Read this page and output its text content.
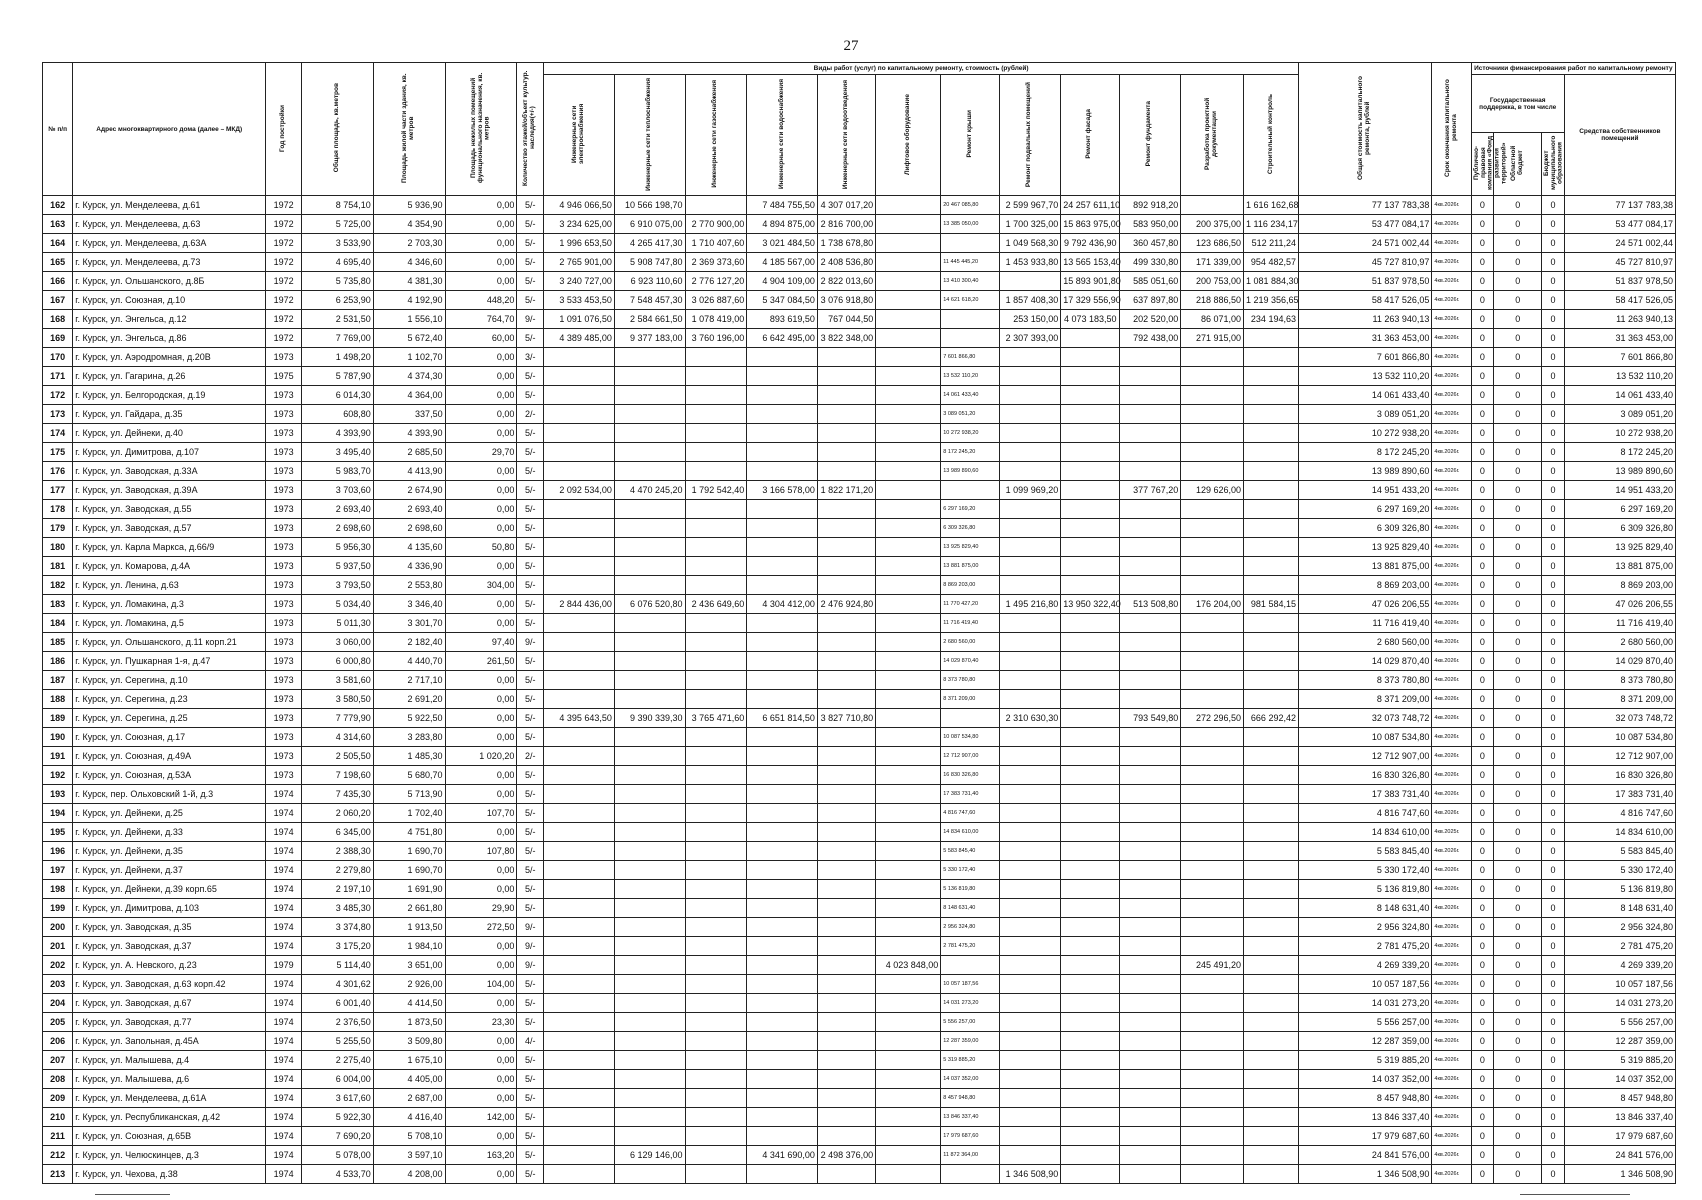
27
№ п/п	Адрес многоквартирного дома (далее – МКД)	Год постройки	Общая площадь, кв.метров	Площадь жилой части здания, кв. метров	Площадь нежилых помещений функционального назначения, кв. метров	Количество этажей/объект культур. наследия(+/-)	Виды работ (услуг) по капитальному ремонту, стоимость (рублей)												Общая стоимость капитального ремонта, рублей	Срок окончания капитального ремонта	Источники финансирования работ по капитальному ремонту			
							Инженерные сети электроснабжения	Инженерные сети теплоснабжения	Инженерные сети газоснабжения	Инженерные сети водоснабжения	Инженерные сети водоотведения	Лифтовое оборудование	Ремонт крыши	Ремонт подвальных помещений	Ремонт фасада	Ремонт фундамента	Разработка проектной документации	Строительный контроль			Государственная поддержка, в том числе			Средства собственников помещений
																					Публично-правовая компания «Фонд развития территорий»	Областной бюджет	Бюджет муниципального образования	
162	г. Курск, ул. Менделеева, д.61	1972	8 754,10	5 936,90	0,00	5/-	4 946 066,50	10 566 198,70		7 484 755,50	4 307 017,20		20 467 085,80	2 599 967,70	24 257 611,10	892 918,20		1 616 162,68	77 137 783,38	4кв.2026г.	0	0	0	77 137 783,38
163	г. Курск, ул. Менделеева, д.63	1972	5 725,00	4 354,90	0,00	5/-	3 234 625,00	6 910 075,00	2 770 900,00	4 894 875,00	2 816 700,00		13 385 050,00	1 700 325,00	15 863 975,00	583 950,00	200 375,00	1 116 234,17	53 477 084,17	4кв.2026г.	0	0	0	53 477 084,17
164	г. Курск, ул. Менделеева, д.63А	1972	3 533,90	2 703,30	0,00	5/-	1 996 653,50	4 265 417,30	1 710 407,60	3 021 484,50	1 738 678,80			1 049 568,30	9 792 436,90	360 457,80	123 686,50	512 211,24	24 571 002,44	4кв.2026г.	0	0	0	24 571 002,44
165	г. Курск, ул. Менделеева, д.73	1972	4 695,40	4 346,60	0,00	5/-	2 765 901,00	5 908 747,80	2 369 373,60	4 185 567,00	2 408 536,80		11 445 445,20	1 453 933,80	13 565 153,40	499 330,80	171 339,00	954 482,57	45 727 810,97	4кв.2026г.	0	0	0	45 727 810,97
166	г. Курск, ул. Ольшанского, д.8Б	1972	5 735,80	4 381,30	0,00	5/-	3 240 727,00	6 923 110,60	2 776 127,20	4 904 109,00	2 822 013,60		13 410 300,40		15 893 901,80	585 051,60	200 753,00	1 081 884,30	51 837 978,50	4кв.2026г.	0	0	0	51 837 978,50
167	г. Курск, ул. Союзная, д.10	1972	6 253,90	4 192,90	448,20	5/-	3 533 453,50	7 548 457,30	3 026 887,60	5 347 084,50	3 076 918,80		14 621 618,20	1 857 408,30	17 329 556,90	637 897,80	218 886,50	1 219 356,65	58 417 526,05	4кв.2026г.	0	0	0	58 417 526,05
168	г. Курск, ул. Энгельса, д.12	1972	2 531,50	1 556,10	764,70	9/-	1 091 076,50	2 584 661,50	1 078 419,00	893 619,50	767 044,50			253 150,00	4 073 183,50	202 520,00	86 071,00	234 194,63	11 263 940,13	4кв.2026г.	0	0	0	11 263 940,13
169	г. Курск, ул. Энгельса, д.86	1972	7 769,00	5 672,40	60,00	5/-	4 389 485,00	9 377 183,00	3 760 196,00	6 642 495,00	3 822 348,00			2 307 393,00		792 438,00	271 915,00		31 363 453,00	4кв.2026г.	0	0	0	31 363 453,00
170	г. Курск, ул. Аэродромная, д.20В	1973	1 498,20	1 102,70	0,00	3/-							7 601 866,80						7 601 866,80	4кв.2026г.	0	0	0	7 601 866,80
171	г. Курск, ул. Гагарина, д.26	1975	5 787,90	4 374,30	0,00	5/-							13 532 110,20						13 532 110,20	4кв.2026г.	0	0	0	13 532 110,20
172	г. Курск, ул. Белгородская, д.19	1973	6 014,30	4 364,00	0,00	5/-							14 061 433,40						14 061 433,40	4кв.2026г.	0	0	0	14 061 433,40
173	г. Курск, ул. Гайдара, д.35	1973	608,80	337,50	0,00	2/-							3 089 051,20						3 089 051,20	4кв.2026г.	0	0	0	3 089 051,20
174	г. Курск, ул. Дейнеки, д.40	1973	4 393,90	4 393,90	0,00	5/-							10 272 938,20						10 272 938,20	4кв.2026г.	0	0	0	10 272 938,20
175	г. Курск, ул. Димитрова, д.107	1973	3 495,40	2 685,50	29,70	5/-							8 172 245,20						8 172 245,20	4кв.2026г.	0	0	0	8 172 245,20
176	г. Курск, ул. Заводская, д.33А	1973	5 983,70	4 413,90	0,00	5/-							13 989 890,60						13 989 890,60	4кв.2026г.	0	0	0	13 989 890,60
177	г. Курск, ул. Заводская, д.39А	1973	3 703,60	2 674,90	0,00	5/-	2 092 534,00	4 470 245,20	1 792 542,40	3 166 578,00	1 822 171,20			1 099 969,20		377 767,20	129 626,00		14 951 433,20	4кв.2026г.	0	0	0	14 951 433,20
178	г. Курск, ул. Заводская, д.55	1973	2 693,40	2 693,40	0,00	5/-							6 297 169,20						6 297 169,20	4кв.2026г.	0	0	0	6 297 169,20
179	г. Курск, ул. Заводская, д.57	1973	2 698,60	2 698,60	0,00	5/-							6 309 326,80						6 309 326,80	4кв.2026г.	0	0	0	6 309 326,80
180	г. Курск, ул. Карла Маркса, д.66/9	1973	5 956,30	4 135,60	50,80	5/-							13 925 829,40						13 925 829,40	4кв.2026г.	0	0	0	13 925 829,40
181	г. Курск, ул. Комарова, д.4А	1973	5 937,50	4 336,90	0,00	5/-							13 881 875,00						13 881 875,00	4кв.2026г.	0	0	0	13 881 875,00
182	г. Курск, ул. Ленина, д.63	1973	3 793,50	2 553,80	304,00	5/-							8 869 203,00						8 869 203,00	4кв.2026г.	0	0	0	8 869 203,00
183	г. Курск, ул. Ломакина, д.3	1973	5 034,40	3 346,40	0,00	5/-	2 844 436,00	6 076 520,80	2 436 649,60	4 304 412,00	2 476 924,80		11 770 427,20	1 495 216,80	13 950 322,40	513 508,80	176 204,00	981 584,15	47 026 206,55	4кв.2026г.	0	0	0	47 026 206,55
184	г. Курск, ул. Ломакина, д.5	1973	5 011,30	3 301,70	0,00	5/-							11 716 419,40						11 716 419,40	4кв.2026г.	0	0	0	11 716 419,40
185	г. Курск, ул. Ольшанского, д.11 корп.21	1973	3 060,00	2 182,40	97,40	9/-							2 680 560,00						2 680 560,00	4кв.2026г.	0	0	0	2 680 560,00
186	г. Курск, ул. Пушкарная 1-я, д.47	1973	6 000,80	4 440,70	261,50	5/-							14 029 870,40						14 029 870,40	4кв.2026г.	0	0	0	14 029 870,40
187	г. Курск, ул. Серегина, д.10	1973	3 581,60	2 717,10	0,00	5/-							8 373 780,80						8 373 780,80	4кв.2026г.	0	0	0	8 373 780,80
188	г. Курск, ул. Серегина, д.23	1973	3 580,50	2 691,20	0,00	5/-							8 371 209,00						8 371 209,00	4кв.2026г.	0	0	0	8 371 209,00
189	г. Курск, ул. Серегина, д.25	1973	7 779,90	5 922,50	0,00	5/-	4 395 643,50	9 390 339,30	3 765 471,60	6 651 814,50	3 827 710,80			2 310 630,30		793 549,80	272 296,50	666 292,42	32 073 748,72	4кв.2026г.	0	0	0	32 073 748,72
190	г. Курск, ул. Союзная, д.17	1973	4 314,60	3 283,80	0,00	5/-							10 087 534,80						10 087 534,80	4кв.2026г.	0	0	0	10 087 534,80
191	г. Курск, ул. Союзная, д.49А	1973	2 505,50	1 485,30	1 020,20	2/-							12 712 907,00						12 712 907,00	4кв.2026г.	0	0	0	12 712 907,00
192	г. Курск, ул. Союзная, д.53А	1973	7 198,60	5 680,70	0,00	5/-							16 830 326,80						16 830 326,80	4кв.2026г.	0	0	0	16 830 326,80
193	г. Курск, пер. Ольховский 1-й, д.3	1974	7 435,30	5 713,90	0,00	5/-							17 383 731,40						17 383 731,40	4кв.2026г.	0	0	0	17 383 731,40
194	г. Курск, ул. Дейнеки, д.25	1974	2 060,20	1 702,40	107,70	5/-							4 816 747,60						4 816 747,60	4кв.2026г.	0	0	0	4 816 747,60
195	г. Курск, ул. Дейнеки, д.33	1974	6 345,00	4 751,80	0,00	5/-							14 834 610,00						14 834 610,00	4кв.2025г.	0	0	0	14 834 610,00
196	г. Курск, ул. Дейнеки, д.35	1974	2 388,30	1 690,70	107,80	5/-							5 583 845,40						5 583 845,40	4кв.2026г.	0	0	0	5 583 845,40
197	г. Курск, ул. Дейнеки, д.37	1974	2 279,80	1 690,70	0,00	5/-							5 330 172,40						5 330 172,40	4кв.2026г.	0	0	0	5 330 172,40
198	г. Курск, ул. Дейнеки, д.39 корп.65	1974	2 197,10	1 691,90	0,00	5/-							5 136 819,80						5 136 819,80	4кв.2026г.	0	0	0	5 136 819,80
199	г. Курск, ул. Димитрова, д.103	1974	3 485,30	2 661,80	29,90	5/-							8 148 631,40						8 148 631,40	4кв.2026г.	0	0	0	8 148 631,40
200	г. Курск, ул. Заводская, д.35	1974	3 374,80	1 913,50	272,50	9/-							2 956 324,80						2 956 324,80	4кв.2026г.	0	0	0	2 956 324,80
201	г. Курск, ул. Заводская, д.37	1974	3 175,20	1 984,10	0,00	9/-							2 781 475,20						2 781 475,20	4кв.2026г.	0	0	0	2 781 475,20
202	г. Курск, ул. А. Невского, д.23	1979	5 114,40	3 651,00	0,00	9/-						4 023 848,00					245 491,20		4 269 339,20	4кв.2026г.	0	0	0	4 269 339,20
203	г. Курск, ул. Заводская, д.63 корп.42	1974	4 301,62	2 926,00	104,00	5/-							10 057 187,56						10 057 187,56	4кв.2026г.	0	0	0	10 057 187,56
204	г. Курск, ул. Заводская, д.67	1974	6 001,40	4 414,50	0,00	5/-							14 031 273,20						14 031 273,20	4кв.2026г.	0	0	0	14 031 273,20
205	г. Курск, ул. Заводская, д.77	1974	2 376,50	1 873,50	23,30	5/-							5 556 257,00						5 556 257,00	4кв.2026г.	0	0	0	5 556 257,00
206	г. Курск, ул. Запольная, д.45А	1974	5 255,50	3 509,80	0,00	4/-							12 287 359,00						12 287 359,00	4кв.2026г.	0	0	0	12 287 359,00
207	г. Курск, ул. Малышева, д.4	1974	2 275,40	1 675,10	0,00	5/-							5 319 885,20						5 319 885,20	4кв.2026г.	0	0	0	5 319 885,20
208	г. Курск, ул. Малышева, д.6	1974	6 004,00	4 405,00	0,00	5/-							14 037 352,00						14 037 352,00	4кв.2026г.	0	0	0	14 037 352,00
209	г. Курск, ул. Менделеева, д.61А	1974	3 617,60	2 687,00	0,00	5/-							8 457 948,80						8 457 948,80	4кв.2026г.	0	0	0	8 457 948,80
210	г. Курск, ул. Республиканская, д.42	1974	5 922,30	4 416,40	142,00	5/-							13 846 337,40						13 846 337,40	4кв.2026г.	0	0	0	13 846 337,40
211	г. Курск, ул. Союзная, д.65В	1974	7 690,20	5 708,10	0,00	5/-							17 979 687,60						17 979 687,60	4кв.2026г.	0	0	0	17 979 687,60
212	г. Курск, ул. Челюскинцев, д.3	1974	5 078,00	3 597,10	163,20	5/-		6 129 146,00		4 341 690,00	2 498 376,00		11 872 364,00						24 841 576,00	4кв.2026г.	0	0	0	24 841 576,00
213	г. Курск, ул. Чехова, д.38	1974	4 533,70	4 208,00	0,00	5/-								1 346 508,90					1 346 508,90	4кв.2026г.	0	0	0	1 346 508,90
